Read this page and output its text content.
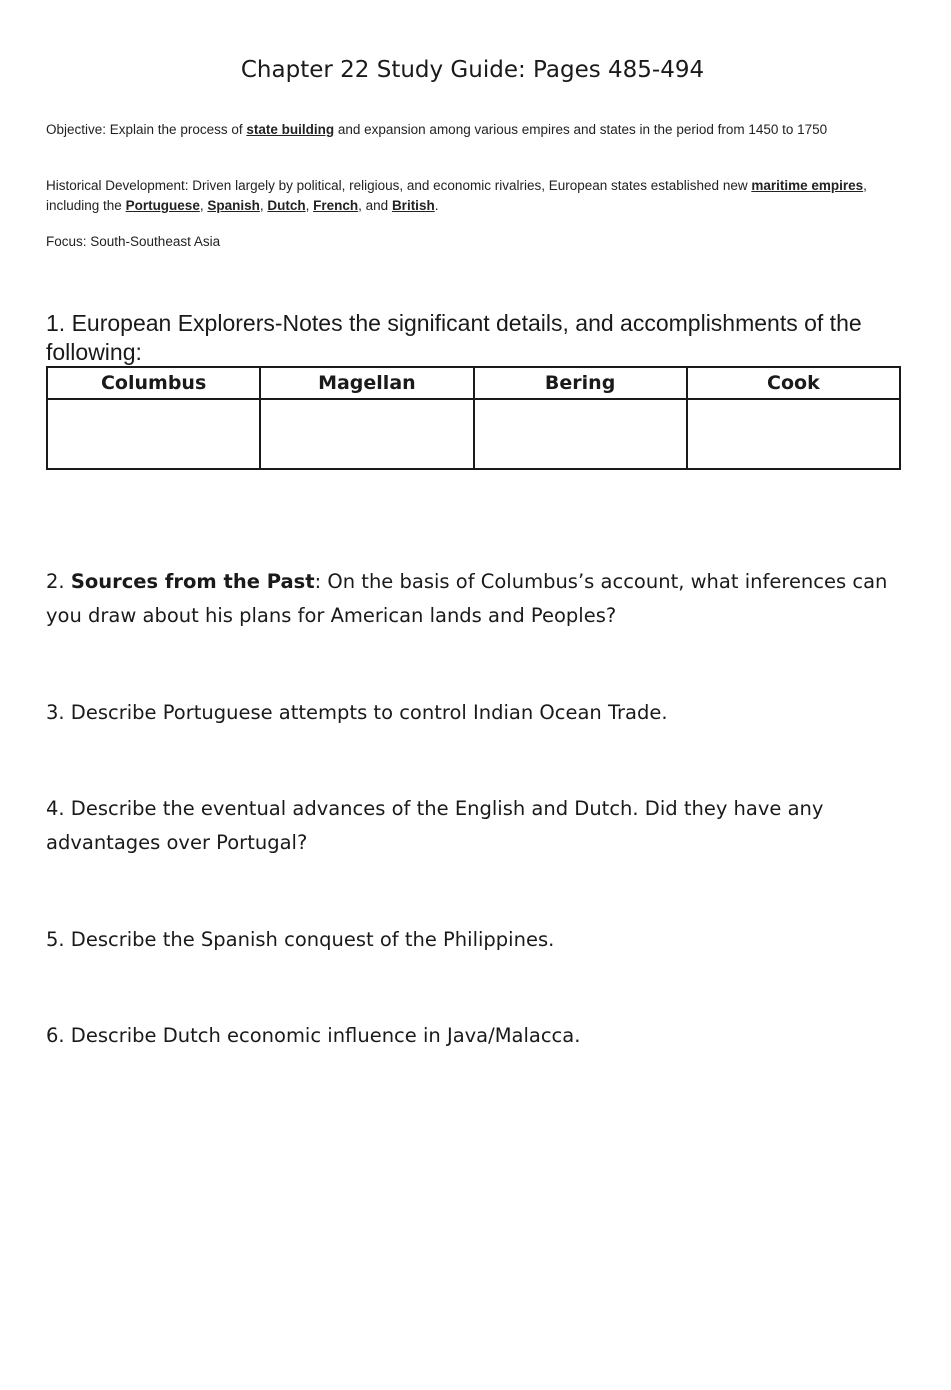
Chapter 22 Study Guide: Pages 485-494
Objective: Explain the process of state building and expansion among various empires and states in the period from 1450 to 1750
Historical Development: Driven largely by political, religious, and economic rivalries, European states established new maritime empires, including the Portuguese, Spanish, Dutch, French, and British.
Focus: South-Southeast Asia
1. European Explorers-Notes the significant details, and accomplishments of the following:
Columbus	Magellan	Bering	Cook

2. Sources from the Past: On the basis of Columbus’s account, what inferences can you draw about his plans for American lands and Peoples?
3. Describe Portuguese attempts to control Indian Ocean Trade.
4. Describe the eventual advances of the English and Dutch. Did they have any advantages over Portugal?
5. Describe the Spanish conquest of the Philippines.
6. Describe Dutch economic influence in Java/Malacca.
